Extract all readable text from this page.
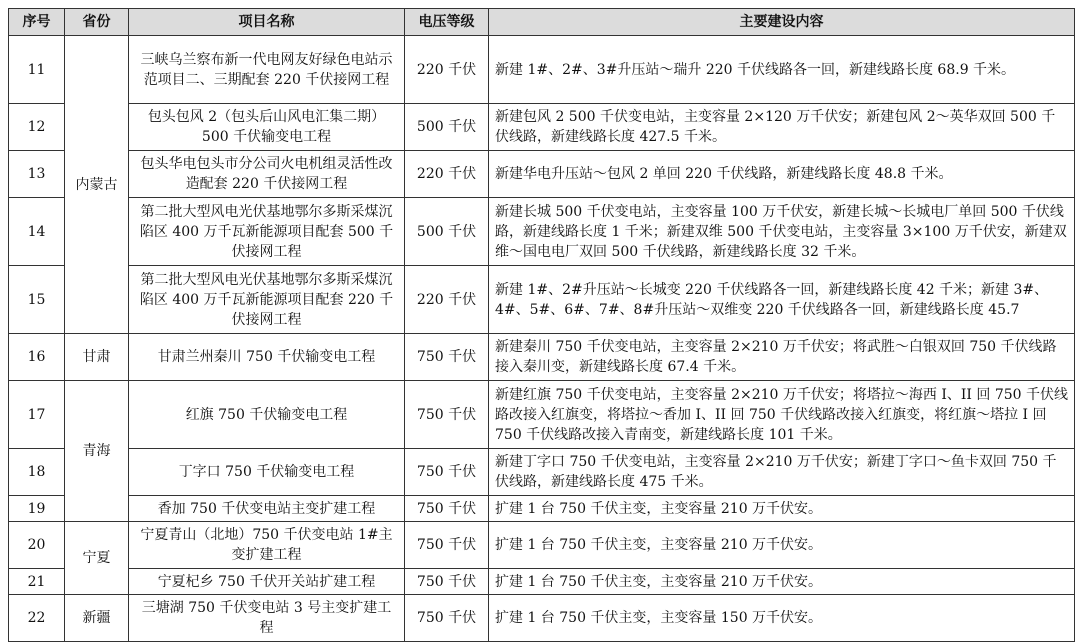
序号	省份	项目名称	电压等级	主要建设内容
11	内蒙古	三峡乌兰察布新一代电网友好绿色电站示范项目二、三期配套 220 千伏接网工程	220 千伏	新建 1#、2#、3#升压站～瑞升 220 千伏线路各一回，新建线路长度 68.9 千米。
12		包头包风 2（包头后山风电汇集二期）500 千伏输变电工程	500 千伏	新建包风 2 500 千伏变电站，主变容量 2×120 万千伏安；新建包风 2～英华双回 500 千伏线路，新建线路长度 427.5 千米。
13		包头华电包头市分公司火电机组灵活性改造配套 220 千伏接网工程	220 千伏	新建华电升压站～包风 2 单回 220 千伏线路，新建线路长度 48.8 千米。
14		第二批大型风电光伏基地鄂尔多斯采煤沉陷区 400 万千瓦新能源项目配套 500 千伏接网工程	500 千伏	新建长城 500 千伏变电站，主变容量 100 万千伏安，新建长城～长城电厂单回 500 千伏线路，新建线路长度 1 千米；新建双维 500 千伏变电站，主变容量 3×100 万千伏安，新建双维～国电电厂双回 500 千伏线路，新建线路长度 32 千米。
15		第二批大型风电光伏基地鄂尔多斯采煤沉陷区 400 万千瓦新能源项目配套 220 千伏接网工程	220 千伏	新建 1#、2#升压站～长城变 220 千伏线路各一回，新建线路长度 42 千米；新建 3#、4#、5#、6#、7#、8#升压站～双维变 220 千伏线路各一回，新建线路长度 45.7
16	甘肃	甘肃兰州秦川 750 千伏输变电工程	750 千伏	新建秦川 750 千伏变电站，主变容量 2×210 万千伏安；将武胜～白银双回 750 千伏线路接入秦川变，新建线路长度 67.4 千米。
17	青海	红旗 750 千伏输变电工程	750 千伏	新建红旗 750 千伏变电站，主变容量 2×210 万千伏安；将塔拉～海西 I、II 回 750 千伏线路改接入红旗变，将塔拉～香加 I、II 回 750 千伏线路改接入红旗变，将红旗～塔拉 I 回 750 千伏线路改接入青南变，新建线路长度 101 千米。
18		丁字口 750 千伏输变电工程	750 千伏	新建丁字口 750 千伏变电站，主变容量 2×210 万千伏安；新建丁字口～鱼卡双回 750 千伏线路，新建线路长度 475 千米。
19		香加 750 千伏变电站主变扩建工程	750 千伏	扩建 1 台 750 千伏主变，主变容量 210 万千伏安。
20	宁夏	宁夏青山（北地）750 千伏变电站 1#主变扩建工程	750 千伏	扩建 1 台 750 千伏主变，主变容量 210 万千伏安。
21		宁夏杞乡 750 千伏开关站扩建工程	750 千伏	扩建 1 台 750 千伏主变，主变容量 210 万千伏安。
22	新疆	三塘湖 750 千伏变电站 3 号主变扩建工程	750 千伏	扩建 1 台 750 千伏主变，主变容量 150 万千伏安。
